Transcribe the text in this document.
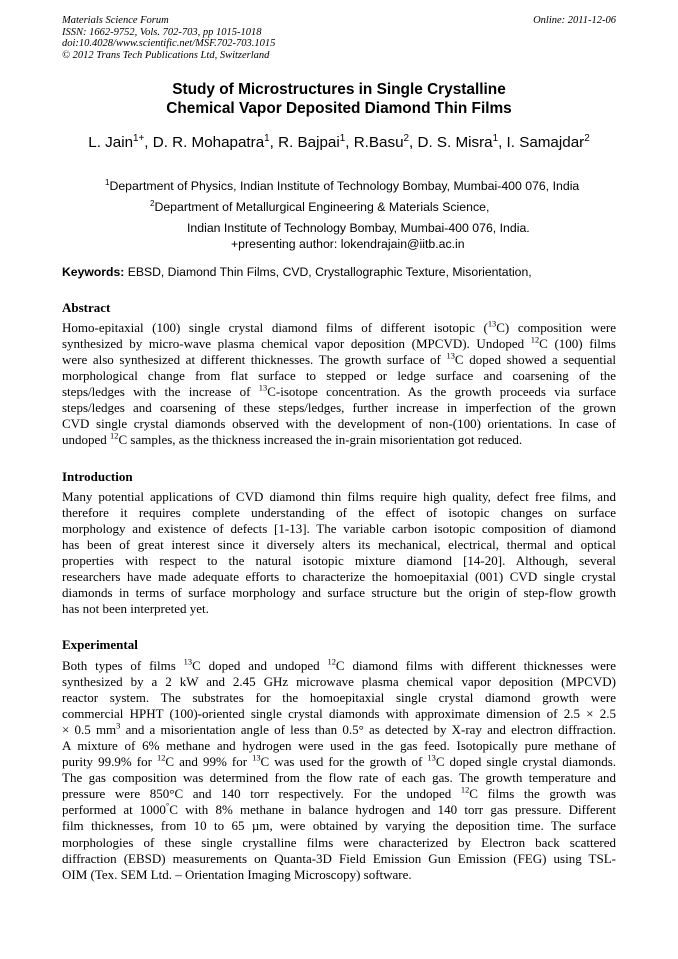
Materials Science Forum
ISSN: 1662-9752, Vols. 702-703, pp 1015-1018
doi:10.4028/www.scientific.net/MSF.702-703.1015
© 2012 Trans Tech Publications Ltd, Switzerland
Online: 2011-12-06
Study of Microstructures in Single Crystalline
Chemical Vapor Deposited Diamond Thin Films
L. Jain$^{1+}$, D. R. Mohapatra$^1$, R. Bajpai$^1$, R.Basu$^2$, D. S. Misra$^1$, I. Samajdar$^2$
$^1$Department of Physics, Indian Institute of Technology Bombay, Mumbai-400 076, India
$^2$Department of Metallurgical Engineering & Materials Science,
Indian Institute of Technology Bombay, Mumbai-400 076, India.
+presenting author: lokendrajain@iitb.ac.in
Keywords: EBSD, Diamond Thin Films, CVD, Crystallographic Texture, Misorientation,
Abstract
Homo-epitaxial (100) single crystal diamond films of different isotopic ($^{13}$C) composition were
synthesized by micro-wave plasma chemical vapor deposition (MPCVD). Undoped $^{12}$C (100) films
were also synthesized at different thicknesses. The growth surface of $^{13}$C doped showed a sequential
morphological change from flat surface to stepped or ledge surface and coarsening of the
steps/ledges with the increase of $^{13}$C-isotope concentration. As the growth proceeds via surface
steps/ledges and coarsening of these steps/ledges, further increase in imperfection of the grown
CVD single crystal diamonds observed with the development of non-(100) orientations. In case of
undoped $^{12}$C samples, as the thickness increased the in-grain misorientation got reduced.
Introduction
Many potential applications of CVD diamond thin films require high quality, defect free films, and
therefore it requires complete understanding of the effect of isotopic changes on surface
morphology and existence of defects [1-13]. The variable carbon isotopic composition of diamond
has been of great interest since it diversely alters its mechanical, electrical, thermal and optical
properties with respect to the natural isotopic mixture diamond [14-20]. Although, several
researchers have made adequate efforts to characterize the homoepitaxial (001) CVD single crystal
diamonds in terms of surface morphology and surface structure but the origin of step-flow growth
has not been interpreted yet.
Experimental
Both types of films $^{13}$C doped and undoped $^{12}$C diamond films with different thicknesses were
synthesized by a 2 kW and 2.45 GHz microwave plasma chemical vapor deposition (MPCVD)
reactor system. The substrates for the homoepitaxial single crystal diamond growth were
commercial HPHT (100)-oriented single crystal diamonds with approximate dimension of 2.5 × 2.5
× 0.5 $mm^3$ and a misorientation angle of less than 0.5° as detected by X-ray and electron diffraction.
A mixture of 6% methane and hydrogen were used in the gas feed. Isotopically pure methane of
purity 99.9% for $^{12}$C and 99% for $^{13}$C was used for the growth of $^{13}$C doped single crystal diamonds.
The gas composition was determined from the flow rate of each gas. The growth temperature and
pressure were 850°C and 140 torr respectively. For the undoped $^{12}$C films the growth was
performed at 1000°C with 8% methane in balance hydrogen and 140 torr gas pressure. Different
film thicknesses, from 10 to 65 µm, were obtained by varying the deposition time. The surface
morphologies of these single crystalline films were characterized by Electron back scattered
diffraction (EBSD) measurements on Quanta-3D Field Emission Gun Emission (FEG) using TSL-
OIM (Tex. SEM Ltd. – Orientation Imaging Microscopy) software.
